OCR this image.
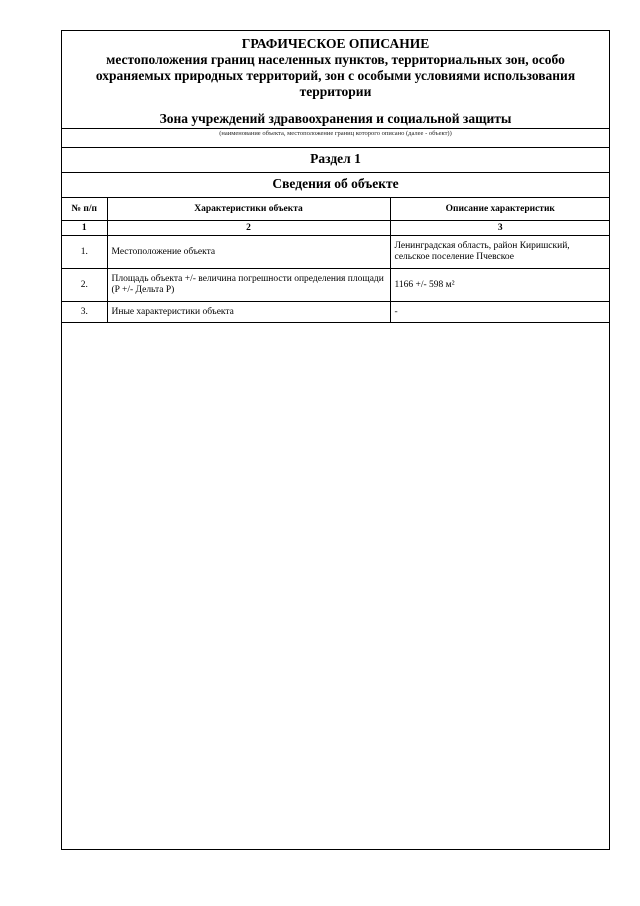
ГРАФИЧЕСКОЕ ОПИСАНИЕ
местоположения границ населенных пунктов, территориальных зон, особо охраняемых природных территорий, зон с особыми условиями использования территории
Зона учреждений здравоохранения и социальной защиты
(наименование объекта, местоположение границ которого описано (далее - объект))
Раздел 1
Сведения об объекте
№ п/п	Характеристики объекта	Описание характеристик
1	2	3
1.	Местоположение объекта	Ленинградская область, район Киришский, сельское поселение Пчевское
2.	Площадь объекта +/- величина погрешности определения площади (P +/- Дельта P)	1166 +/- 598 м²
3.	Иные характеристики объекта	-
